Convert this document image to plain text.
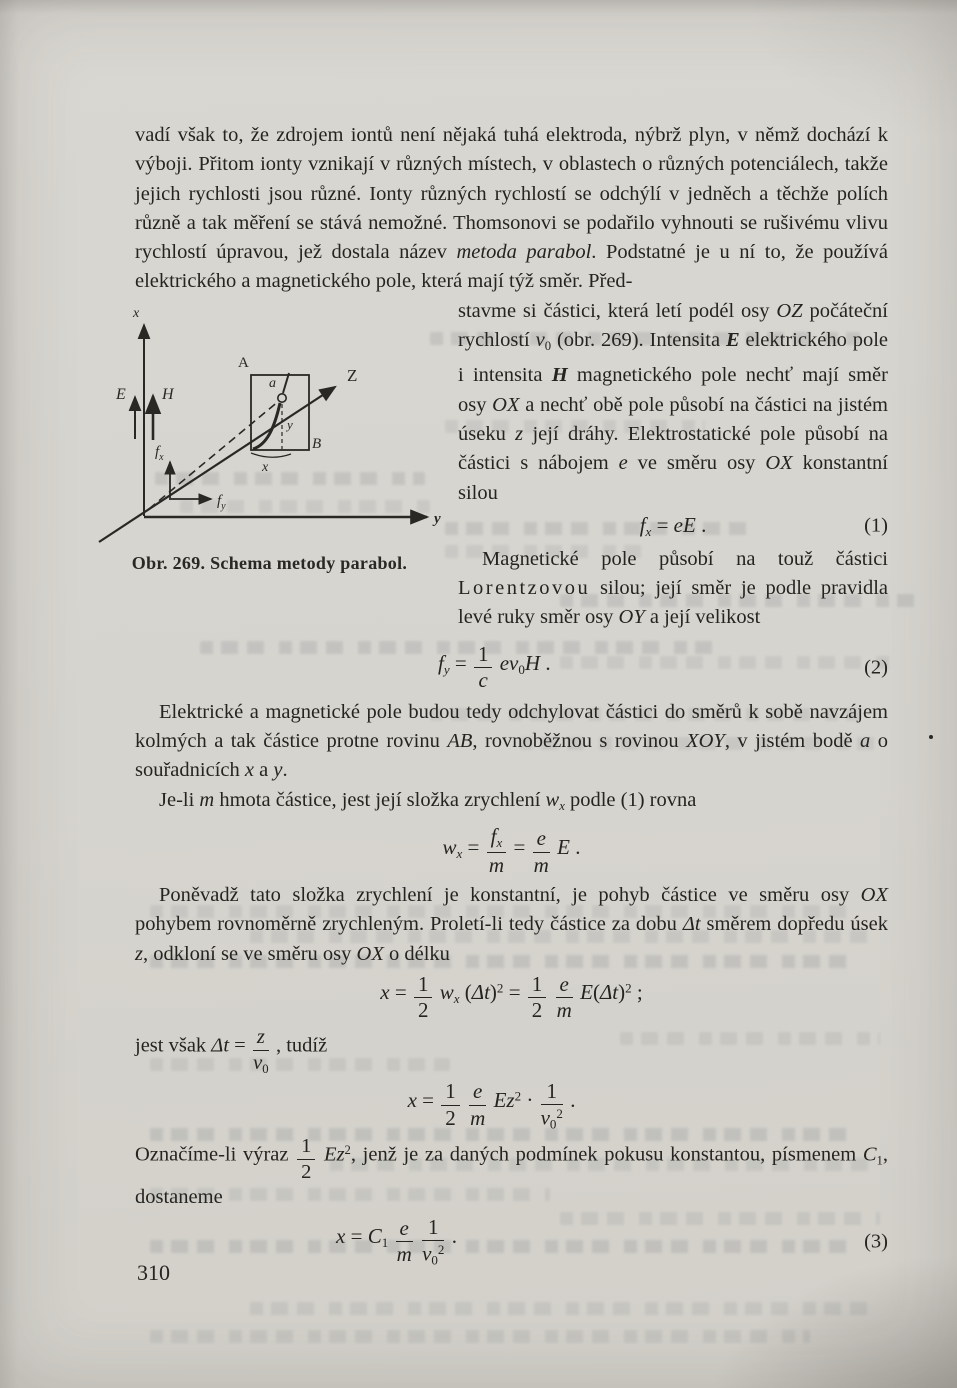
vadí však to, že zdrojem iontů není nějaká tuhá elektroda, nýbrž plyn, v němž dochází k výboji. Přitom ionty vznikají v různých místech, v oblastech o různých potenciálech, takže jejich rychlosti jsou různé. Ionty různých rychlostí se odchýlí v jedněch a těchže polích různě a tak měření se stává nemožné. Thomsonovi se podařilo vyhnouti se rušivému vlivu rychlostí úpravou, jež dostala název metoda parabol. Podstatné je u ní to, že používá elektrického a magnetického pole, která mají týž směr. Před-

x
y
Z
E H
$f_x$
$f_y$
A
B
a
y
x
Obr. 269. Schema metody parabol.

stavme si částici, která letí podél osy OZ počáteční rychlostí v0 (obr. 269). Intensita E elektrického pole i intensita H magnetického pole nechť mají směr osy OX a nechť obě pole působí na částici na jistém úseku z její dráhy. Elektrostatické pole působí na částici s nábojem e ve směru osy OX konstantní silou

fx = eE .	(1)

Magnetické pole působí na touž částici Lorentzovou silou; její směr je podle pravidla levé ruky směr osy OY a její velikost

fy = $\frac{1}{c} ev0H$ .	(2)

Elektrické a magnetické pole budou tedy odchylovat částici do směrů k sobě navzájem kolmých a tak částice protne rovinu AB, rovnoběžnou s rovinou XOY, v jistém bodě a o souřadnicích x a y.

Je-li m hmota částice, jest její složka zrychlení wx podle (1) rovna

wx = $\frac{fx}{m} = \frac{e}{m}$ E .

Poněvadž tato složka zrychlení je konstantní, je pohyb částice ve směru osy OX pohybem rovnoměrně zrychleným. Proletí-li tedy částice za dobu Δt směrem dopředu úsek z, odkloní se ve směru osy OX o délku

$x = \frac{1}{2}$ wx $(\Delta t)^2 = \frac{1}{2}$
$\frac{e}{m} E(\Delta t)^2$ ;

jest však $\Delta t = \frac{z}{v0}$ , tudíž

$x = \frac{1}{2}$
$\frac{e}{m} Ez^2 \cdot \frac{1}{v0^2}$ .

Označíme-li výraz $\frac{1}{2} Ez^2$, jenž je za daných podmínek pokusu konstantou, písmenem C1, dostaneme

$x = C1 \frac{e}{m}$
$\frac{1}{v0^2}$ .	(3)
310
